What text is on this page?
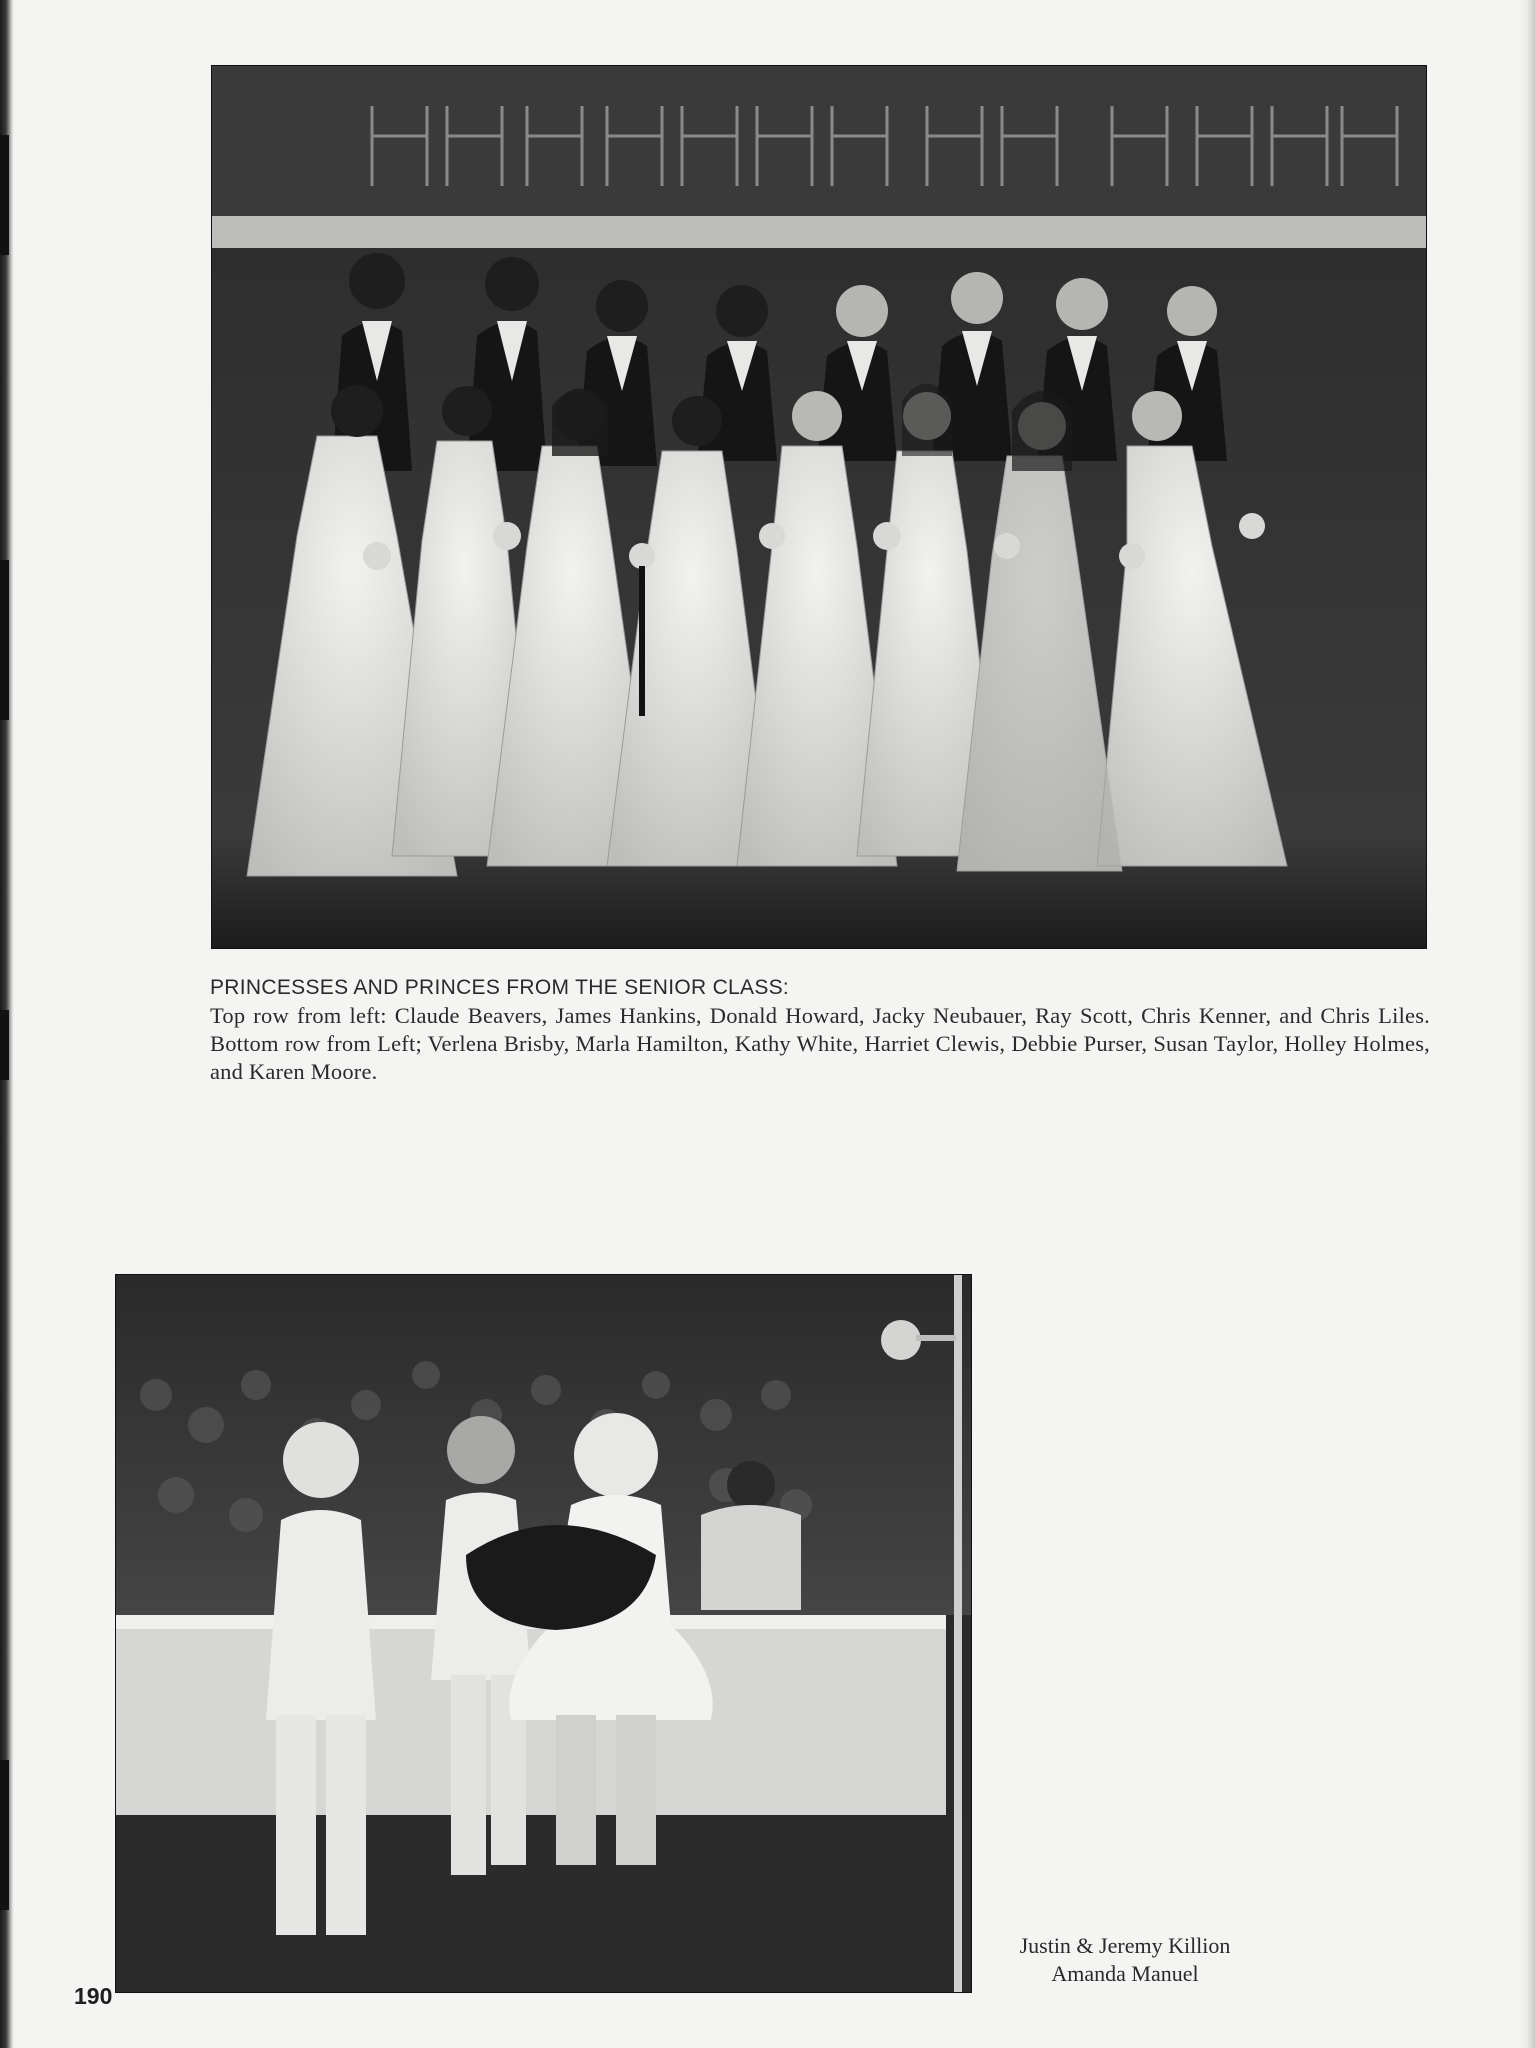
PRINCESSES AND PRINCES FROM THE SENIOR CLASS:
Top row from left: Claude Beavers, James Hankins, Donald Howard, Jacky Neubauer, Ray Scott, Chris Kenner, and Chris Liles. Bottom row from Left; Verlena Brisby, Marla Hamilton, Kathy White, Harriet Clewis, Debbie Purser, Susan Taylor, Holley Holmes, and Karen Moore.
Justin & Jeremy Killion
Amanda Manuel
190
